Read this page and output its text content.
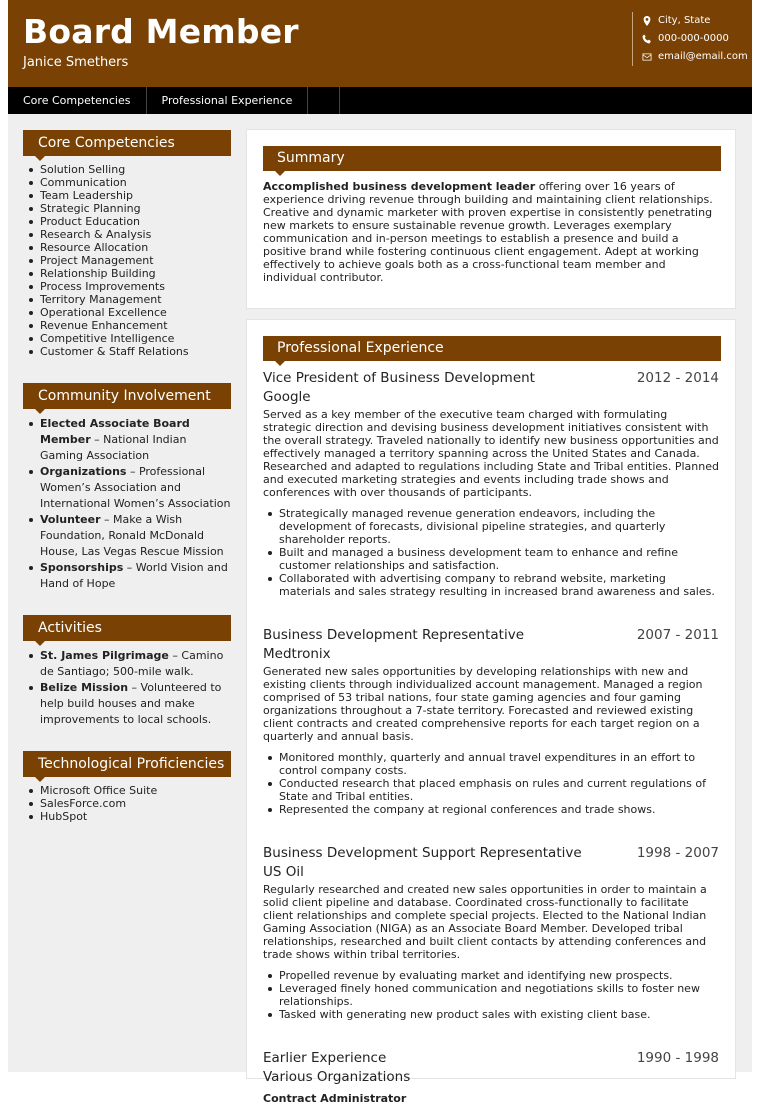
Board Member
Janice Smethers
City, State
000-000-0000
email@email.com
Core Competencies	Professional Experience
Core Competencies
Solution Selling
Communication
Team Leadership
Strategic Planning
Product Education
Research & Analysis
Resource Allocation
Project Management
Relationship Building
Process Improvements
Territory Management
Operational Excellence
Revenue Enhancement
Competitive Intelligence
Customer & Staff Relations
Community Involvement
Elected Associate Board Member – National Indian Gaming Association
Organizations – Professional Women’s Association and International Women’s Association
Volunteer – Make a Wish Foundation, Ronald McDonald House, Las Vegas Rescue Mission
Sponsorships – World Vision and Hand of Hope
Activities
St. James Pilgrimage – Camino de Santiago; 500-mile walk.
Belize Mission – Volunteered to help build houses and make improvements to local schools.
Technological Proficiencies
Microsoft Office Suite
SalesForce.com
HubSpot
Summary
Accomplished business development leader offering over 16 years of experience driving revenue through building and maintaining client relationships. Creative and dynamic marketer with proven expertise in consistently penetrating new markets to ensure sustainable revenue growth. Leverages exemplary communication and in-person meetings to establish a presence and build a positive brand while fostering continuous client engagement. Adept at working effectively to achieve goals both as a cross-functional team member and individual contributor.
Professional Experience
Vice President of Business Development	2012 - 2014
Google
Served as a key member of the executive team charged with formulating strategic direction and devising business development initiatives consistent with the overall strategy. Traveled nationally to identify new business opportunities and effectively managed a territory spanning across the United States and Canada. Researched and adapted to regulations including State and Tribal entities. Planned and executed marketing strategies and events including trade shows and conferences with over thousands of participants.
Strategically managed revenue generation endeavors, including the development of forecasts, divisional pipeline strategies, and quarterly shareholder reports.
Built and managed a business development team to enhance and refine customer relationships and satisfaction.
Collaborated with advertising company to rebrand website, marketing materials and sales strategy resulting in increased brand awareness and sales.
Business Development Representative	2007 - 2011
Medtronix
Generated new sales opportunities by developing relationships with new and existing clients through individualized account management. Managed a region comprised of 53 tribal nations, four state gaming agencies and four gaming organizations throughout a 7-state territory. Forecasted and reviewed existing client contracts and created comprehensive reports for each target region on a quarterly and annual basis.
Monitored monthly, quarterly and annual travel expenditures in an effort to control company costs.
Conducted research that placed emphasis on rules and current regulations of State and Tribal entities.
Represented the company at regional conferences and trade shows.
Business Development Support Representative	1998 - 2007
US Oil
Regularly researched and created new sales opportunities in order to maintain a solid client pipeline and database. Coordinated cross-functionally to facilitate client relationships and complete special projects. Elected to the National Indian Gaming Association (NIGA) as an Associate Board Member. Developed tribal relationships, researched and built client contacts by attending conferences and trade shows within tribal territories.
Propelled revenue by evaluating market and identifying new prospects.
Leveraged finely honed communication and negotiations skills to foster new relationships.
Tasked with generating new product sales with existing client base.
Earlier Experience	1990 - 1998
Various Organizations
Contract Administrator
